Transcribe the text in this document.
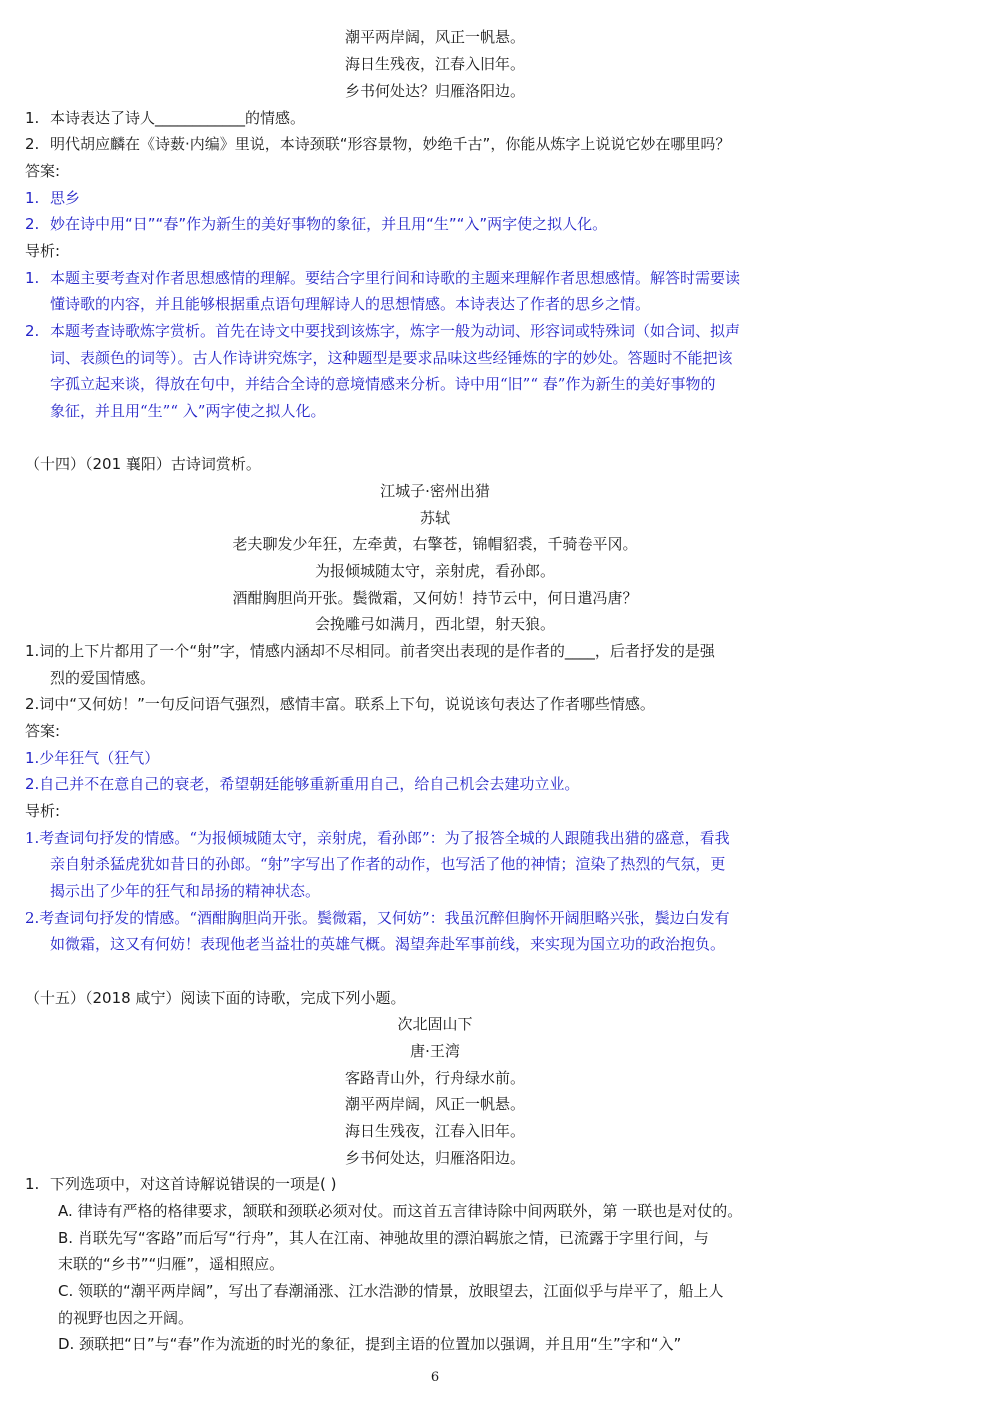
潮平两岸阔，风正一帆悬。
海日生残夜，江春入旧年。
乡书何处达？归雁洛阳边。
1. 本诗表达了诗人____________的情感。
2. 明代胡应麟在《诗薮·内编》里说，本诗颈联“形容景物，妙绝千古”，你能从炼字上说说它妙在哪里吗？
答案:
1. 思乡
2. 妙在诗中用“日”“春”作为新生的美好事物的象征，并且用“生”“入”两字使之拟人化。
导析:
1. 本题主要考查对作者思想感情的理解。要结合字里行间和诗歌的主题来理解作者思想感情。解答时需要读
懂诗歌的内容，并且能够根据重点语句理解诗人的思想情感。本诗表达了作者的思乡之情。
2. 本题考查诗歌炼字赏析。首先在诗文中要找到该炼字，炼字一般为动词、形容词或特殊词（如合词、拟声
词、表颜色的词等）。古人作诗讲究炼字，这种题型是要求品味这些经锤炼的字的妙处。答题时不能把该
字孤立起来谈，得放在句中，并结合全诗的意境情感来分析。诗中用“旧”“ 春”作为新生的美好事物的
象征，并且用“生”“ 入”两字使之拟人化。
（十四）（201 襄阳）古诗词赏析。
江城子·密州出猎
苏轼
老夫聊发少年狂，左牵黄，右擎苍，锦帽貂裘，千骑卷平冈。
为报倾城随太守，亲射虎，看孙郎。
酒酣胸胆尚开张。鬓微霜，又何妨！持节云中，何日遣冯唐？
会挽雕弓如满月，西北望，射天狼。
1.词的上下片都用了一个“射”字，情感内涵却不尽相同。前者突出表现的是作者的____，后者抒发的是强
烈的爱国情感。
2.词中“又何妨！”一句反问语气强烈，感情丰富。联系上下句，说说该句表达了作者哪些情感。
答案:
1.少年狂气（狂气）
2.自己并不在意自己的衰老，希望朝廷能够重新重用自己，给自己机会去建功立业。
导析:
1.考查词句抒发的情感。“为报倾城随太守，亲射虎，看孙郎”：为了报答全城的人跟随我出猎的盛意，看我
亲自射杀猛虎犹如昔日的孙郎。“射”字写出了作者的动作，也写活了他的神情；渲染了热烈的气氛，更
揭示出了少年的狂气和昂扬的精神状态。
2.考查词句抒发的情感。“酒酣胸胆尚开张。鬓微霜，又何妨”：我虽沉醉但胸怀开阔胆略兴张，鬓边白发有
如微霜，这又有何妨！表现他老当益壮的英雄气概。渴望奔赴军事前线，来实现为国立功的政治抱负。
（十五）（2018 咸宁）阅读下面的诗歌，完成下列小题。
次北固山下
唐·王湾
客路青山外，行舟绿水前。
潮平两岸阔，风正一帆悬。
海日生残夜，江春入旧年。
乡书何处达，归雁洛阳边。
1. 下列选项中，对这首诗解说错误的一项是( )
A. 律诗有严格的格律要求，颔联和颈联必须对仗。而这首五言律诗除中间两联外，第 一联也是对仗的。
B. 肖联先写“客路”而后写“行舟”，其人在江南、神驰故里的漂泊羁旅之情，已流露于字里行间，与
末联的“乡书”“归雁”，遥相照应。
C. 领联的“潮平两岸阔”，写出了春潮涌涨、江水浩渺的情景，放眼望去，江面似乎与岸平了，船上人
的视野也因之开阔。
D. 颈联把“日”与“春”作为流逝的时光的象征，提到主语的位置加以强调，并且用“生”字和“入”
6
